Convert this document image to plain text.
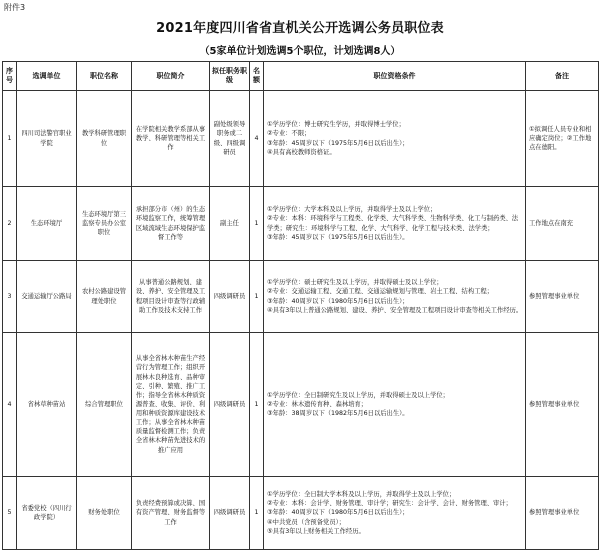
附件3
2021年度四川省省直机关公开选调公务员职位表
（5家单位计划选调5个职位，计划选调8人）
序号	选调单位	职位名称	职位简介	拟任职务职级	名额	职位资格条件	备注
1	四川司法警官职业学院	教学科研管理职位	在学院相关教学系部从事教学、科研管理等相关工作	副处级领导职务或二级、四级调研员	4	①学历学位：博士研究生学历，并取得博士学位；
②专业：不限；
③年龄：45周岁以下（1975年5月6日以后出生）；
④具有高校教师资格证。	①拟调任人员专业和相应确定岗位；②工作地点在德阳。
2	生态环境厅	生态环境厅第三监察专员办公室职位	承担部分市（州）的生态环境监察工作，统筹管理区域流域生态环境保护监督工作等	副主任	1	①学历学位：大学本科及以上学历，并取得学士及以上学位；
②专业：本科：环境科学与工程类、化学类、大气科学类、生物科学类、化工与制药类、法
学类；研究生：环境科学与工程、化学、大气科学、化学工程与技术类、法学类；
③年龄：45周岁以下（1975年5月6日以后出生）。	工作地点在南充
3	交通运输厅公路局	农村公路建设管理处职位	从事普通公路规划、建设、养护、安全管理及工程项目设计审查等行政辅助工作及技术支持工作	四级调研员	1	①学历学位：硕士研究生及以上学历，并取得硕士及以上学位；
②专业：交通运输工程、交通工程、交通运输规划与管理、岩土工程、结构工程；
③年龄：40周岁以下（1980年5月6日以后出生）；
④具有3年以上普通公路规划、建设、养护、安全管理及工程项目设计审查等相关工作经历。	参照管理事业单位
4	省林草种苗站	综合管理职位	从事全省林木种苗生产经营行为管理工作；组织开展林木良种选育、品种审定、引种、繁殖、推广工作；指导全省林木种质资源普查、收集、评价、利用和种质资源库建设技术工作；从事全省林木种苗质量监督检测工作；负责全省林木种苗先进技术的推广应用	四级调研员	1	①学历学位：全日制研究生及以上学历，并取得硕士及以上学位；
②专业：林木遗传育种、森林培育；
③年龄：38周岁以下（1982年5月6日以后出生）。	参照管理事业单位
5	省委党校（四川行政学院）	财务处职位	负责经费预算或决算、国有资产管理、财务监督等工作	四级调研员	1	①学历学位：全日制大学本科及以上学历，并取得学士及以上学位；
②专业：本科：会计学、财务管理、审计学；研究生：会计学、会计、财务管理、审计；
③年龄：40周岁以下（1980年5月6日以后出生）；
④中共党员（含预备党员）；
⑤具有3年以上财务相关工作经历。	参照管理事业单位
